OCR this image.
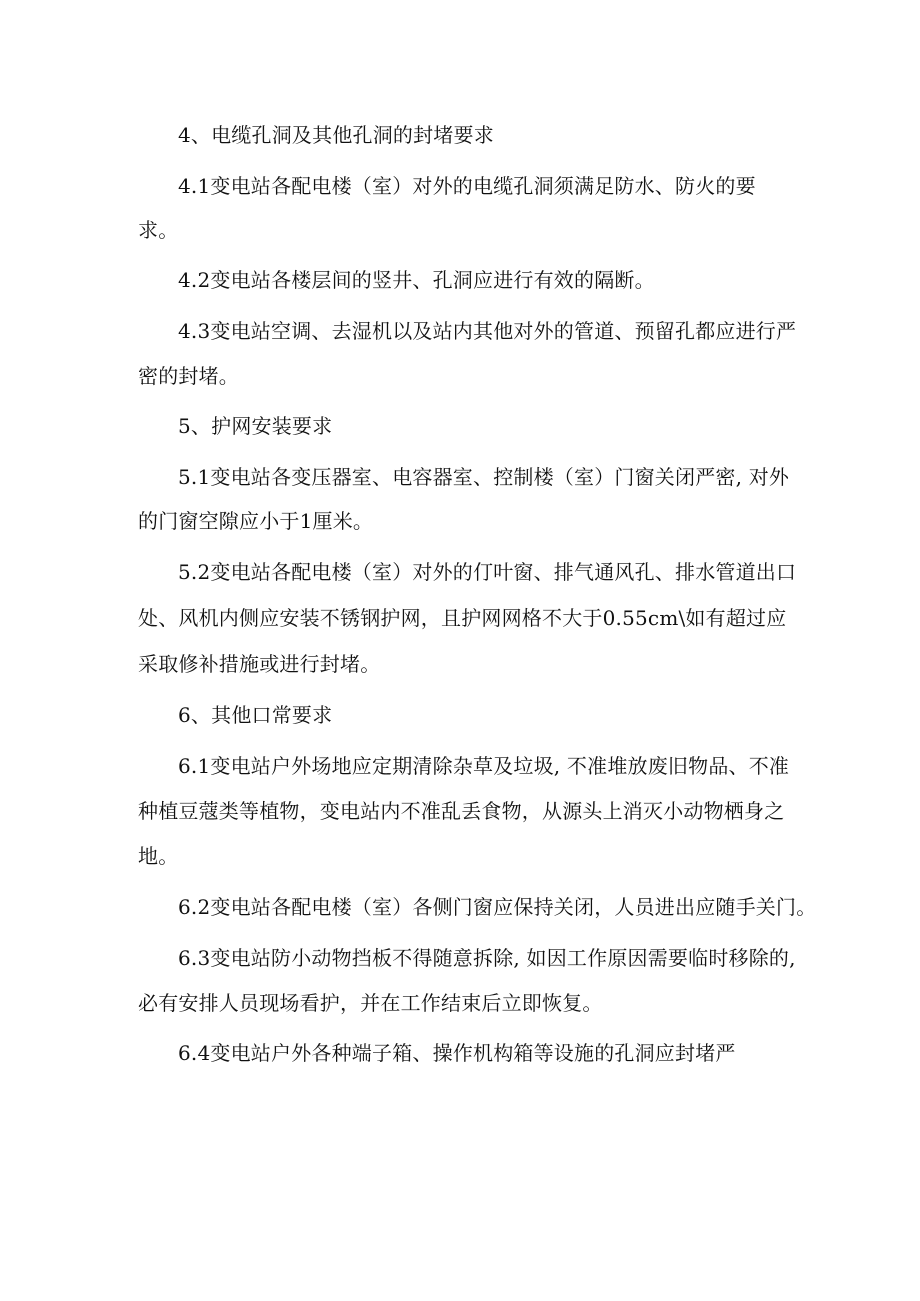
4、电缆孔洞及其他孔洞的封堵要求
4.1变电站各配电楼（室）对外的电缆孔洞须满足防水、防火的要
求。
4.2变电站各楼层间的竖井、孔洞应进行有效的隔断。
4.3变电站空调、去湿机以及站内其他对外的管道、预留孔都应进行严
密的封堵。
5、护网安装要求
5.1变电站各变压器室、电容器室、控制楼（室）门窗关闭严密, 对外
的门窗空隙应小于1厘米。
5.2变电站各配电楼（室）对外的仃叶窗、排气通风孔、排水管道出口
处、风机内侧应安装不锈钢护网，且护网网格不大于0.55cm\如有超过应
采取修补措施或进行封堵。
6、其他口常要求
6.1变电站户外场地应定期清除杂草及垃圾, 不准堆放废旧物品、不准
种植豆蔻类等植物，变电站内不准乱丢食物，从源头上消灭小动物栖身之
地。
6.2变电站各配电楼（室）各侧门窗应保持关闭，人员进出应随手关门。
6.3变电站防小动物挡板不得随意拆除, 如因工作原因需要临时移除的,
必有安排人员现场看护，并在工作结束后立即恢复。
6.4变电站户外各种端子箱、操作机构箱等设施的孔洞应封堵严
